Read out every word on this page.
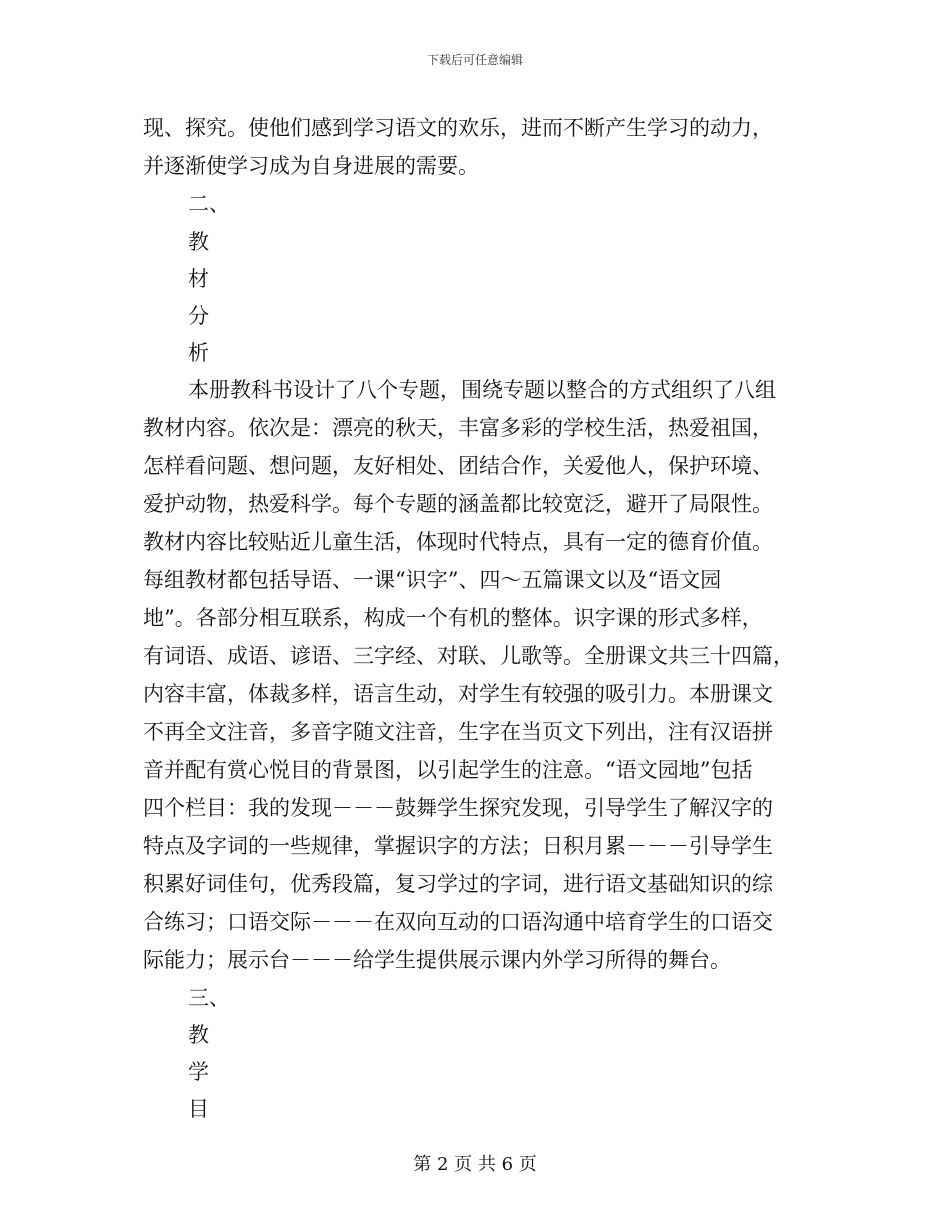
下载后可任意编辑
现、探究。使他们感到学习语文的欢乐，进而不断产生学习的动力，
并逐渐使学习成为自身进展的需要。
二、
教
材
分
析
本册教科书设计了八个专题，围绕专题以整合的方式组织了八组
教材内容。依次是：漂亮的秋天，丰富多彩的学校生活，热爱祖国，
怎样看问题、想问题，友好相处、团结合作，关爱他人，保护环境、
爱护动物，热爱科学。每个专题的涵盖都比较宽泛，避开了局限性。
教材内容比较贴近儿童生活，体现时代特点，具有一定的德育价值。
每组教材都包括导语、一课“识字”、四～五篇课文以及“语文园
地”。各部分相互联系，构成一个有机的整体。识字课的形式多样，
有词语、成语、谚语、三字经、对联、儿歌等。全册课文共三十四篇，
内容丰富，体裁多样，语言生动，对学生有较强的吸引力。本册课文
不再全文注音，多音字随文注音，生字在当页文下列出，注有汉语拼
音并配有赏心悦目的背景图，以引起学生的注意。“语文园地”包括
四个栏目：我的发现－－－鼓舞学生探究发现，引导学生了解汉字的
特点及字词的一些规律，掌握识字的方法；日积月累－－－引导学生
积累好词佳句，优秀段篇，复习学过的字词，进行语文基础知识的综
合练习；口语交际－－－在双向互动的口语沟通中培育学生的口语交
际能力；展示台－－－给学生提供展示课内外学习所得的舞台。
三、
教
学
目
第 2 页 共 6 页
